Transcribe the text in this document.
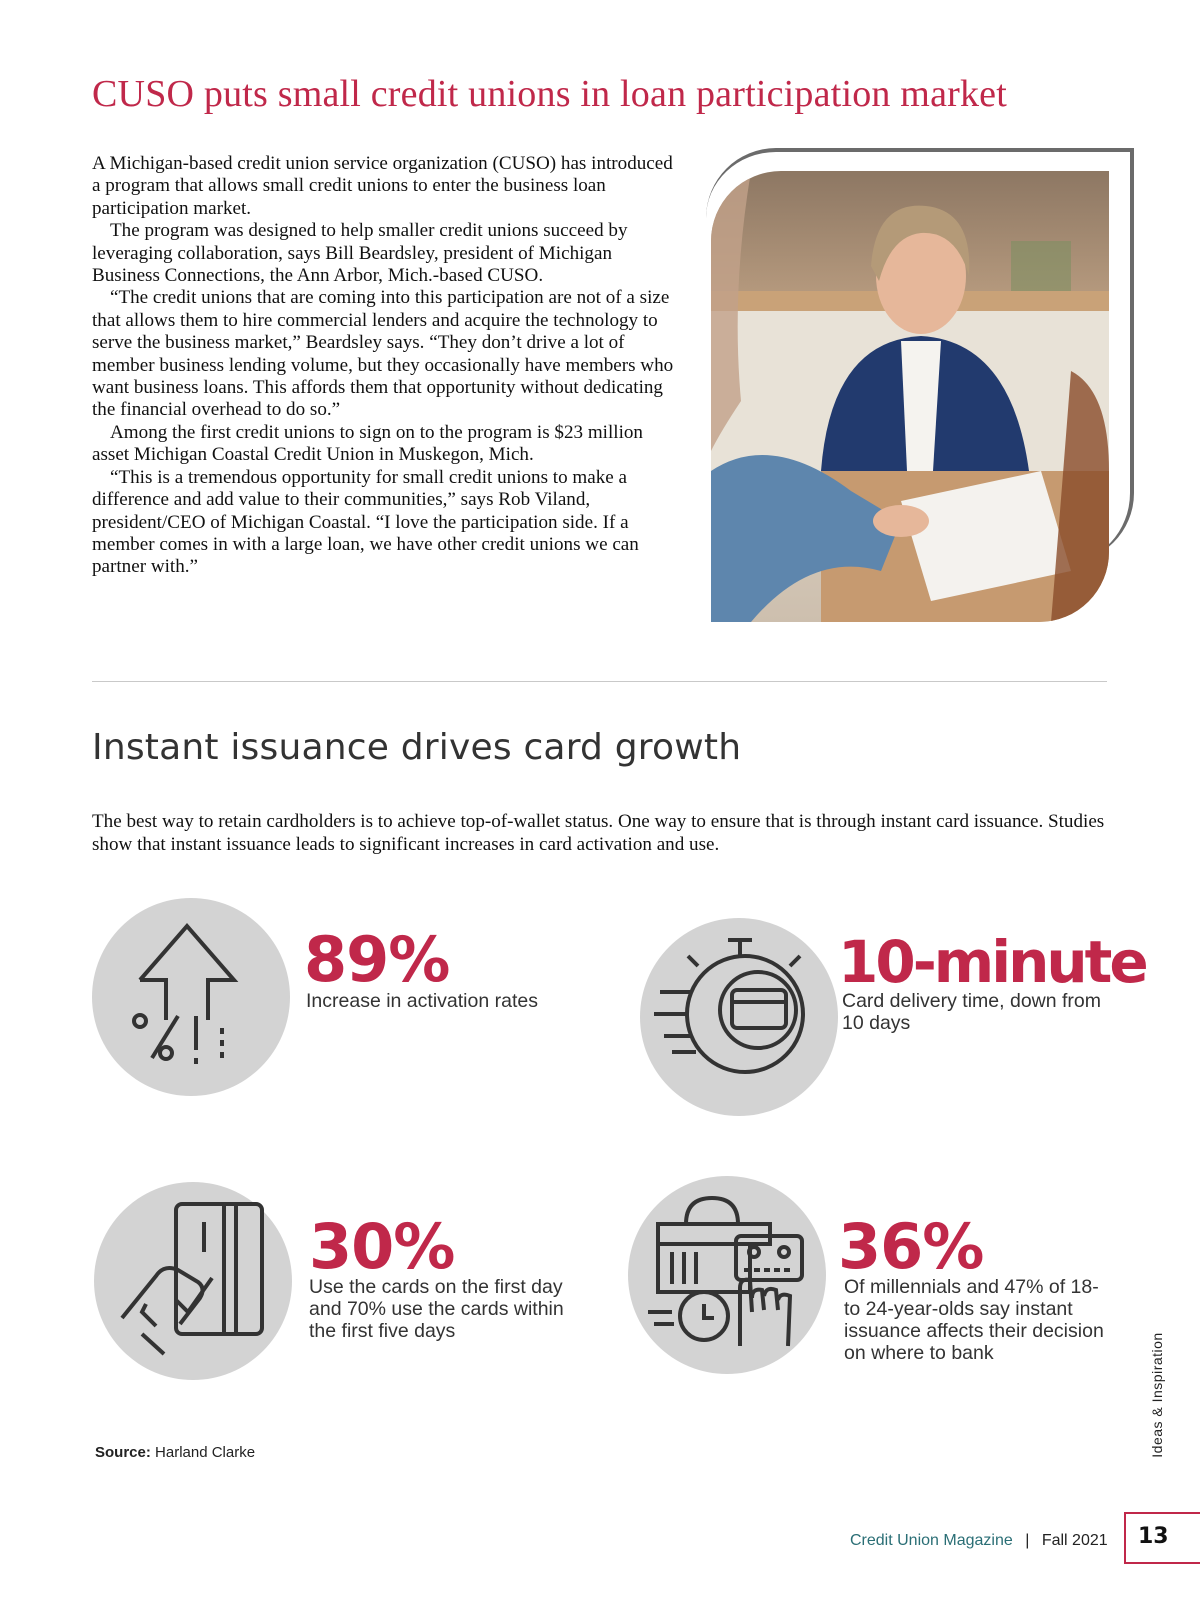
CUSO puts small credit unions in loan participation market

A Michigan-based credit union service organization (CUSO) has introduced a program that allows small credit unions to enter the business loan participation market.

The program was designed to help smaller credit unions succeed by leveraging collaboration, says Bill Beardsley, president of Michigan Business Connections, the Ann Arbor, Mich.-based CUSO.

“The credit unions that are coming into this participation are not of a size that allows them to hire commercial lenders and acquire the technology to serve the business market,” Beardsley says. “They don’t drive a lot of member business lending volume, but they occasionally have members who want business loans. This affords them that opportunity without dedicating the financial overhead to do so.”

Among the first credit unions to sign on to the program is $23 million asset Michigan Coastal Credit Union in Muskegon, Mich.

“This is a tremendous opportunity for small credit unions to make a difference and add value to their communities,” says Rob Viland, president/CEO of Michigan Coastal. “I love the participation side. If a member comes in with a large loan, we have other credit unions we can partner with.”

Instant issuance drives card growth
The best way to retain cardholders is to achieve top-of-wallet status. One way to ensure that is through instant card issuance. Studies show that instant issuance leads to significant increases in card activation and use.
89%
Increase in activation rates
10-minute
Card delivery time, down from 10 days
30%
Use the cards on the first day and 70% use the cards within the first five days
36%
Of millennials and 47% of 18- to 24-year-olds say instant issuance affects their decision on where to bank
Source: Harland Clarke	Ideas & Inspiration
Credit Union Magazine | Fall 2021 13
